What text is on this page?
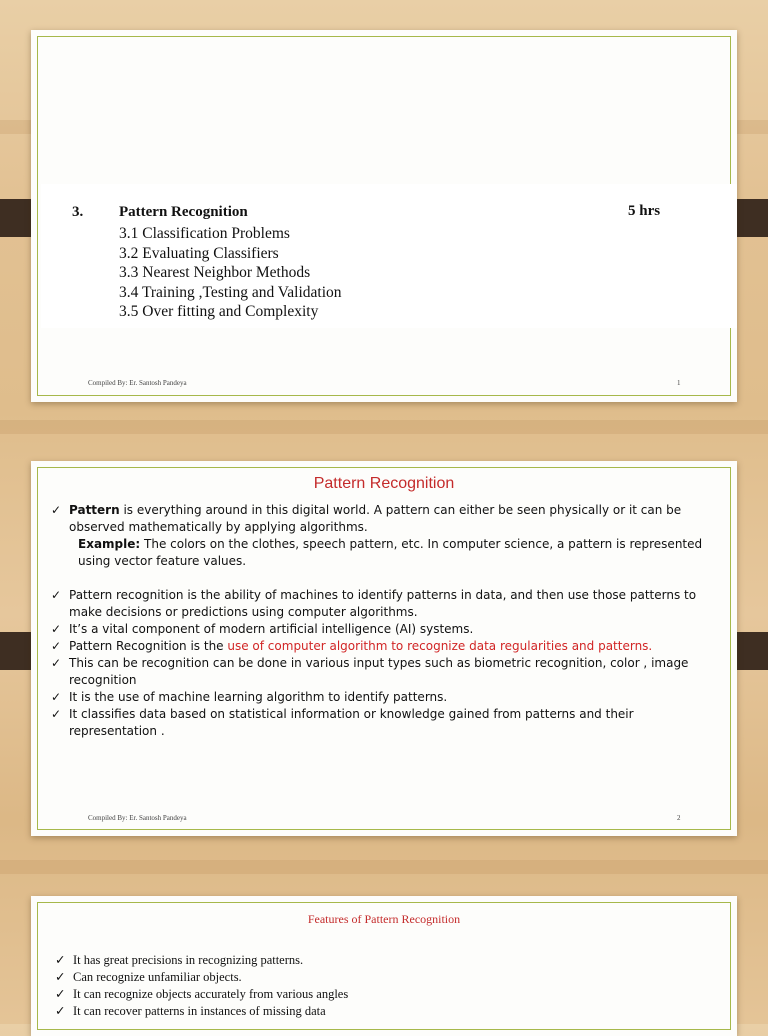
3. Pattern Recognition	5 hrs
3.1 Classification Problems
3.2 Evaluating Classifiers
3.3 Nearest Neighbor Methods
3.4 Training ,Testing and Validation
3.5 Over fitting and Complexity
Compiled By: Er. Santosh Pandeya	1
Pattern Recognition
✓ Pattern is everything around in this digital world. A pattern can either be seen physically or it can be observed mathematically by applying algorithms.
Example: The colors on the clothes, speech pattern, etc. In computer science, a pattern is represented using vector feature values.
✓ Pattern recognition is the ability of machines to identify patterns in data, and then use those patterns to make decisions or predictions using computer algorithms.
✓ It’s a vital component of modern artificial intelligence (AI) systems.
✓ Pattern Recognition is the use of computer algorithm to recognize data regularities and patterns.
✓ This can be recognition can be done in various input types such as biometric recognition, color , image recognition
✓ It is the use of machine learning algorithm to identify patterns.
✓ It classifies data based on statistical information or knowledge gained from patterns and their representation .
Compiled By: Er. Santosh Pandeya	2
Features of Pattern Recognition
✓ It has great precisions in recognizing patterns.
✓ Can recognize unfamiliar objects.
✓ It can recognize objects accurately from various angles
✓ It can recover patterns in instances of missing data
